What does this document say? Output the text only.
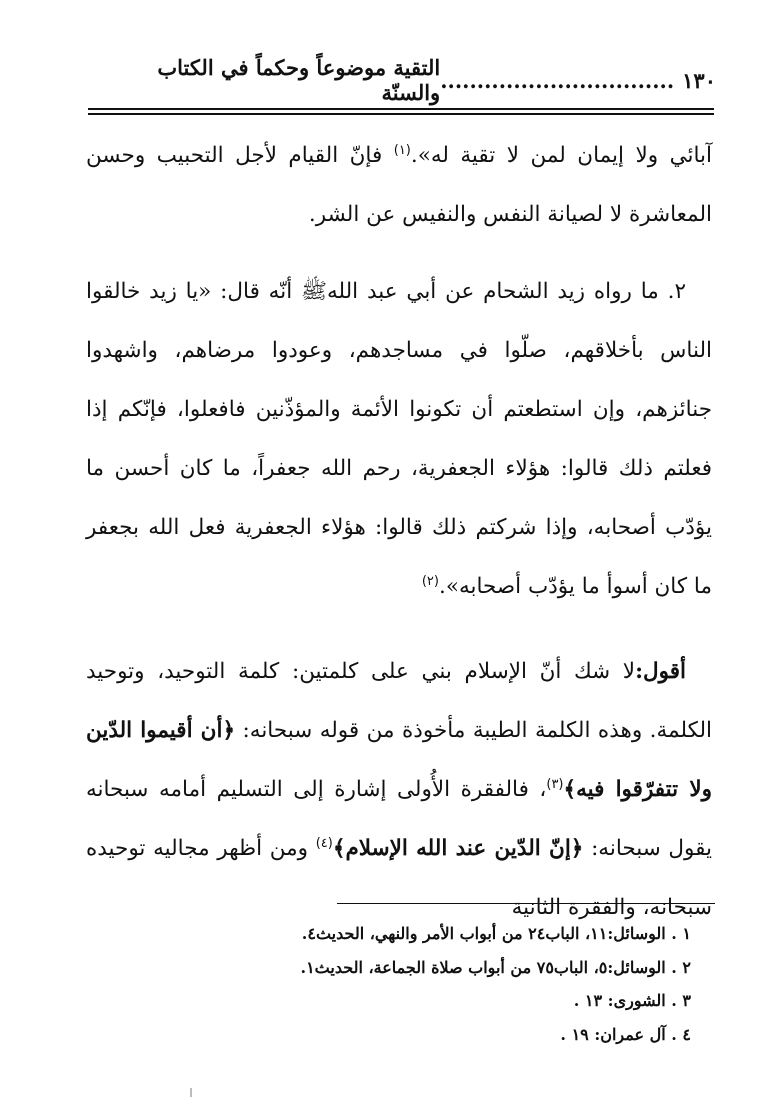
١٣٠
................................
التقية موضوعاً وحكماً في الكتاب والسنّة

آبائي ولا إيمان لمن لا تقية له».$^{(١)}$ فإنّ القيام لأجل التحبيب وحسن المعاشرة لا لصيانة النفس والنفيس عن الشر.

٢. ما رواه زيد الشحام عن أبي عبد اللهﷺ أنّه قال: «يا زيد خالقوا الناس بأخلاقهم، صلّوا في مساجدهم، وعودوا مرضاهم، واشهدوا جنائزهم، وإن استطعتم أن تكونوا الأئمة والمؤذّنين فافعلوا، فإنّكم إذا فعلتم ذلك قالوا: هؤلاء الجعفرية، رحم الله جعفراً، ما كان أحسن ما يؤدّب أصحابه، وإذا شركتم ذلك قالوا: هؤلاء الجعفرية فعل الله بجعفر ما كان أسوأ ما يؤدّب أصحابه».$^{(٢)}$

أقول:لا شك أنّ الإسلام بني على كلمتين: كلمة التوحيد، وتوحيد الكلمة. وهذه الكلمة الطيبة مأخوذة من قوله سبحانه: ﴿أن أقيموا الدّين ولا تتفرّقوا فيه﴾$^{(٣)}$، فالفقرة الأُولى إشارة إلى التسليم أمامه سبحانه يقول سبحانه: ﴿إنّ الدّين عند الله الإسلام﴾$^{(٤)}$ ومن أظهر مجاليه توحيده سبحانه، والفقرة الثانية

١ . الوسائل:١١، الباب٢٤ من أبواب الأمر والنهي، الحديث٤.
٢ . الوسائل:٥، الباب٧٥ من أبواب صلاة الجماعة، الحديث١.
٣ . الشورى: ١٣ .
٤ . آل عمران: ١٩ .
